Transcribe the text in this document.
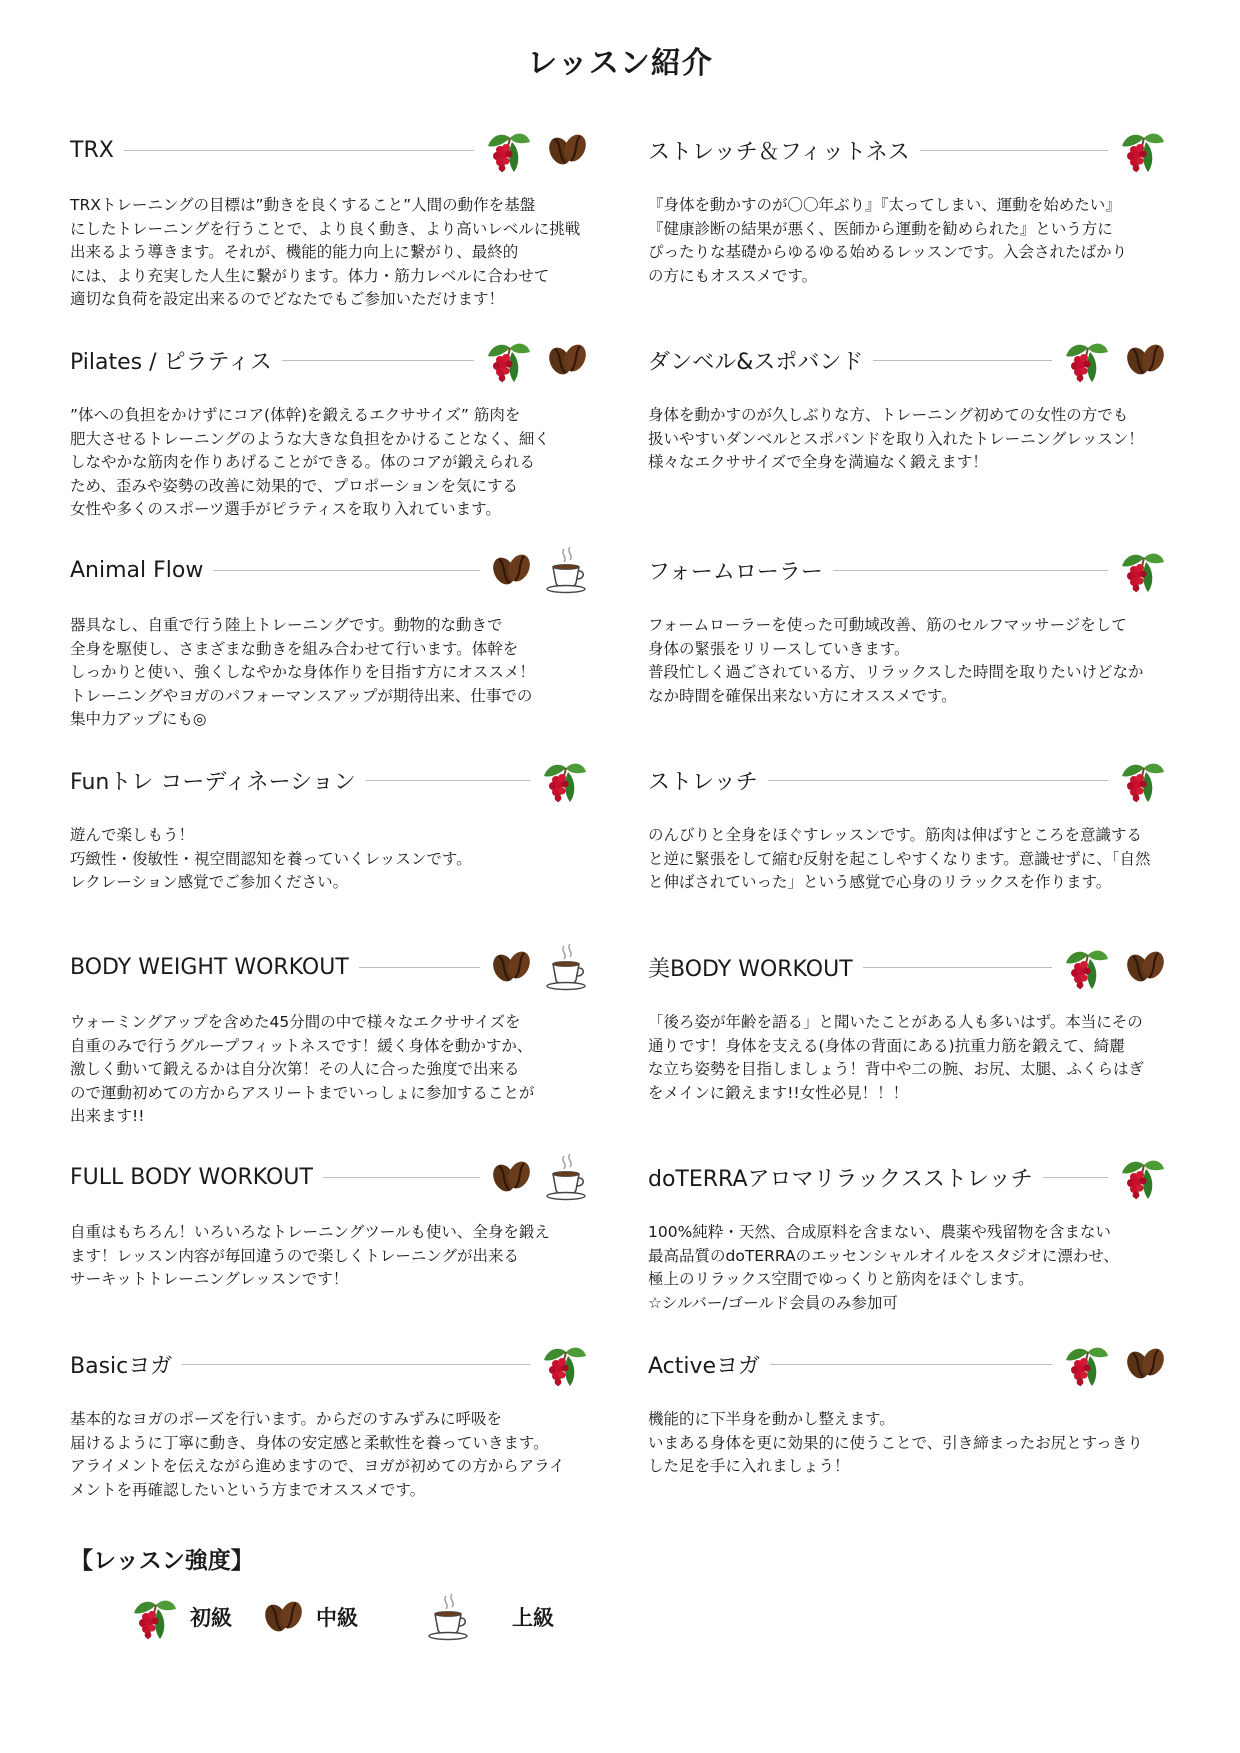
レッスン紹介
TRX
TRXトレーニングの目標は”動きを良くすること”人間の動作を基盤
にしたトレーニングを行うことで、より良く動き、より高いレベルに挑戦
出来るよう導きます。それが、機能的能力向上に繋がり、最終的
には、より充実した人生に繋がります。体力・筋力レベルに合わせて
適切な負荷を設定出来るのでどなたでもご参加いただけます！
ストレッチ＆フィットネス
『身体を動かすのが〇〇年ぶり』『太ってしまい、運動を始めたい』
『健康診断の結果が悪く、医師から運動を勧められた』という方に
ぴったりな基礎からゆるゆる始めるレッスンです。入会されたばかり
の方にもオススメです。
Pilates / ピラティス
”体への負担をかけずにコア(体幹)を鍛えるエクササイズ” 筋肉を
肥大させるトレーニングのような大きな負担をかけることなく、細く
しなやかな筋肉を作りあげることができる。体のコアが鍛えられる
ため、歪みや姿勢の改善に効果的で、プロポーションを気にする
女性や多くのスポーツ選手がピラティスを取り入れています。
ダンベル&スポバンド
身体を動かすのが久しぶりな方、トレーニング初めての女性の方でも
扱いやすいダンベルとスポバンドを取り入れたトレーニングレッスン！
様々なエクササイズで全身を満遍なく鍛えます！
Animal Flow
器具なし、自重で行う陸上トレーニングです。動物的な動きで
全身を駆使し、さまざまな動きを組み合わせて行います。体幹を
しっかりと使い、強くしなやかな身体作りを目指す方にオススメ！
トレーニングやヨガのパフォーマンスアップが期待出来、仕事での
集中力アップにも◎
フォームローラー
フォームローラーを使った可動域改善、筋のセルフマッサージをして
身体の緊張をリリースしていきます。
普段忙しく過ごされている方、リラックスした時間を取りたいけどなか
なか時間を確保出来ない方にオススメです。
Funトレ コーディネーション
遊んで楽しもう！
巧緻性・俊敏性・視空間認知を養っていくレッスンです。
レクレーション感覚でご参加ください。
ストレッチ
のんびりと全身をほぐすレッスンです。筋肉は伸ばすところを意識する
と逆に緊張をして縮む反射を起こしやすくなります。意識せずに、「自然
と伸ばされていった」という感覚で心身のリラックスを作ります。
BODY WEIGHT WORKOUT
ウォーミングアップを含めた45分間の中で様々なエクササイズを
自重のみで行うグループフィットネスです！緩く身体を動かすか、
激しく動いて鍛えるかは自分次第！その人に合った強度で出来る
ので運動初めての方からアスリートまでいっしょに参加することが
出来ます!!
美BODY WORKOUT
「後ろ姿が年齢を語る」と聞いたことがある人も多いはず。本当にその
通りです！身体を支える(身体の背面にある)抗重力筋を鍛えて、綺麗
な立ち姿勢を目指しましょう！背中や二の腕、お尻、太腿、ふくらはぎ
をメインに鍛えます!!女性必見！！！
FULL BODY WORKOUT
自重はもちろん！いろいろなトレーニングツールも使い、全身を鍛え
ます！レッスン内容が毎回違うので楽しくトレーニングが出来る
サーキットトレーニングレッスンです！
doTERRAアロマリラックスストレッチ
100%純粋・天然、合成原料を含まない、農薬や残留物を含まない
最高品質のdoTERRAのエッセンシャルオイルをスタジオに漂わせ、
極上のリラックス空間でゆっくりと筋肉をほぐします。
☆シルバー/ゴールド会員のみ参加可
Basicヨガ
基本的なヨガのポーズを行います。からだのすみずみに呼吸を
届けるように丁寧に動き、身体の安定感と柔軟性を養っていきます。
アライメントを伝えながら進めますので、ヨガが初めての方からアライ
メントを再確認したいという方までオススメです。
Activeヨガ
機能的に下半身を動かし整えます。
いまある身体を更に効果的に使うことで、引き締まったお尻とすっきり
した足を手に入れましょう！
【レッスン強度】
初級	中級	上級
